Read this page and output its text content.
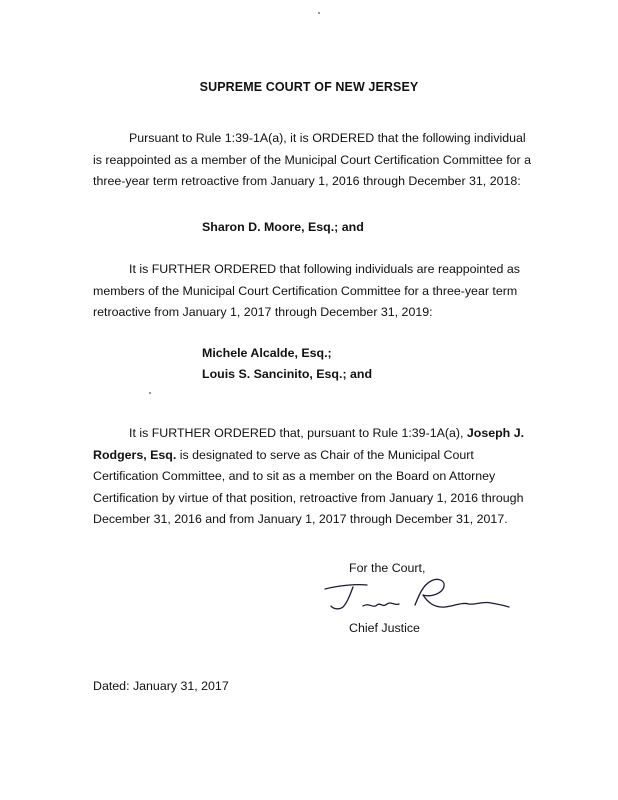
SUPREME COURT OF NEW JERSEY
Pursuant to Rule 1:39-1A(a), it is ORDERED that the following individual
is reappointed as a member of the Municipal Court Certification Committee for a
three-year term retroactive from January 1, 2016 through December 31, 2018:
Sharon D. Moore, Esq.; and
It is FURTHER ORDERED that following individuals are reappointed as
members of the Municipal Court Certification Committee for a three-year term
retroactive from January 1, 2017 through December 31, 2019:
Michele Alcalde, Esq.;
Louis S. Sancinito, Esq.; and
It is FURTHER ORDERED that, pursuant to Rule 1:39-1A(a), Joseph J.
Rodgers, Esq. is designated to serve as Chair of the Municipal Court
Certification Committee, and to sit as a member on the Board on Attorney
Certification by virtue of that position, retroactive from January 1, 2016 through
December 31, 2016 and from January 1, 2017 through December 31, 2017.
For the Court,
Chief Justice
Dated: January 31, 2017
